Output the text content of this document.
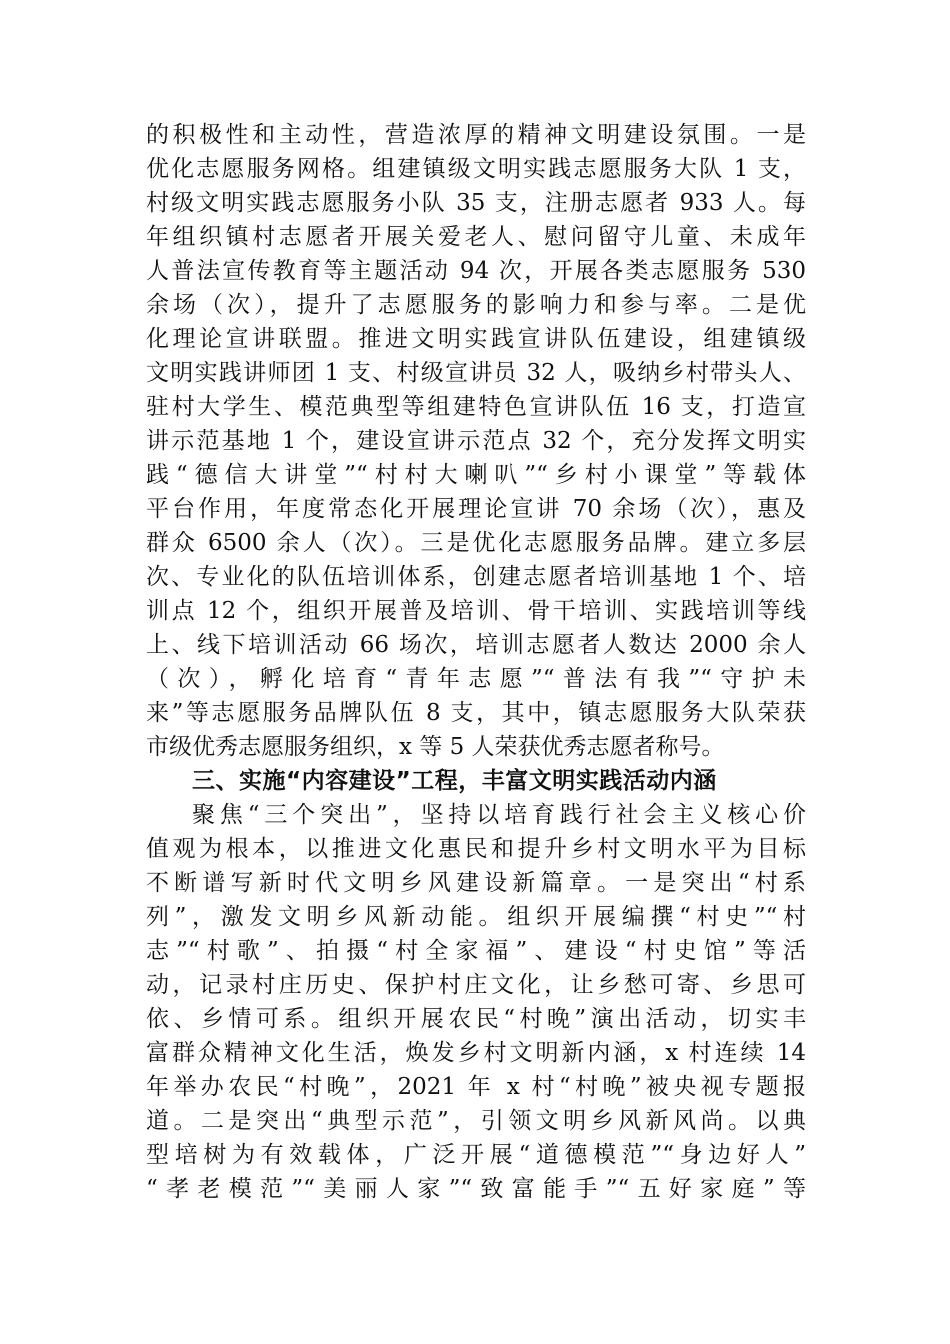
的积极性和主动性，营造浓厚的精神文明建设氛围。一是
优化志愿服务网格。组建镇级文明实践志愿服务大队 1 支，
村级文明实践志愿服务小队 35 支，注册志愿者 933 人。每
年组织镇村志愿者开展关爱老人、慰问留守儿童、未成年
人普法宣传教育等主题活动 94 次，开展各类志愿服务 530
余场（次），提升了志愿服务的影响力和参与率。二是优
化理论宣讲联盟。推进文明实践宣讲队伍建设，组建镇级
文明实践讲师团 1 支、村级宣讲员 32 人，吸纳乡村带头人、
驻村大学生、模范典型等组建特色宣讲队伍 16 支，打造宣
讲示范基地 1 个，建设宣讲示范点 32 个，充分发挥文明实
践“德信大讲堂”“村村大喇叭”“乡村小课堂”等载体
平台作用，年度常态化开展理论宣讲 70 余场（次），惠及
群众 6500 余人（次）。三是优化志愿服务品牌。建立多层
次、专业化的队伍培训体系，创建志愿者培训基地 1 个、培
训点 12 个，组织开展普及培训、骨干培训、实践培训等线
上、线下培训活动 66 场次，培训志愿者人数达 2000 余人
（次），孵化培育“青年志愿”“普法有我”“守护未
来”等志愿服务品牌队伍 8 支，其中，镇志愿服务大队荣获
市级优秀志愿服务组织，x 等 5 人荣获优秀志愿者称号。
三、实施“内容建设”工程，丰富文明实践活动内涵
聚焦“三个突出”，坚持以培育践行社会主义核心价
值观为根本，以推进文化惠民和提升乡村文明水平为目标
不断谱写新时代文明乡风建设新篇章。一是突出“村系
列”，激发文明乡风新动能。组织开展编撰“村史”“村
志”“村歌”、拍摄“村全家福”、建设“村史馆”等活
动，记录村庄历史、保护村庄文化，让乡愁可寄、乡思可
依、乡情可系。组织开展农民“村晚”演出活动，切实丰
富群众精神文化生活，焕发乡村文明新内涵，x 村连续 14
年举办农民“村晚”，2021 年 x 村“村晚”被央视专题报
道。二是突出“典型示范”，引领文明乡风新风尚。以典
型培树为有效载体，广泛开展“道德模范”“身边好人”
“孝老模范”“美丽人家”“致富能手”“五好家庭”等
